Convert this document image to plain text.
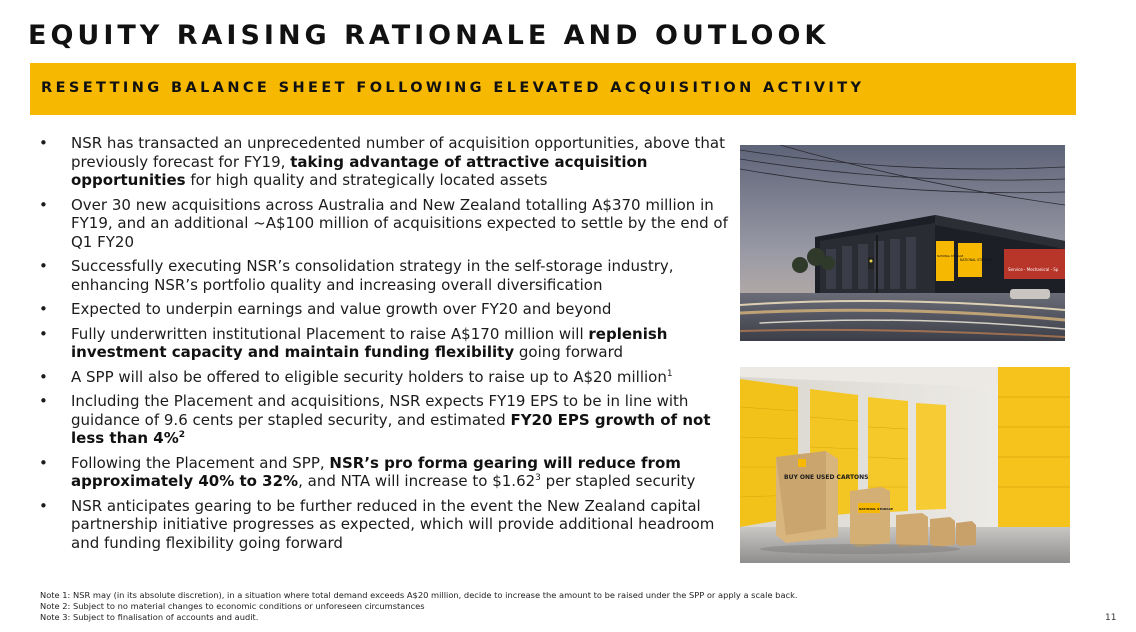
EQUITY RAISING RATIONALE AND OUTLOOK
RESETTING BALANCE SHEET FOLLOWING ELEVATED ACQUISITION ACTIVITY
• NSR has transacted an unprecedented number of acquisition opportunities, above that previously forecast for FY19, taking advantage of attractive acquisition opportunities for high quality and strategically located assets
• Over 30 new acquisitions across Australia and New Zealand totalling A$370 million in FY19, and an additional ~A$100 million of acquisitions expected to settle by the end of Q1 FY20
• Successfully executing NSR’s consolidation strategy in the self-storage industry, enhancing NSR’s portfolio quality and increasing overall diversification
• Expected to underpin earnings and value growth over FY20 and beyond
• Fully underwritten institutional Placement to raise A$170 million will replenish investment capacity and maintain funding flexibility going forward
• A SPP will also be offered to eligible security holders to raise up to A$20 million$^1$
• Including the Placement and acquisitions, NSR expects FY19 EPS to be in line with guidance of 9.6 cents per stapled security, and estimated FY20 EPS growth of not less than 4%$^2$
• Following the Placement and SPP, NSR’s pro forma gearing will reduce from approximately 40% to 32%, and NTA will increase to $1.62$^3$ per stapled security
• NSR anticipates gearing to be further reduced in the event the New Zealand capital partnership initiative progresses as expected, which will provide additional headroom and funding flexibility going forward
NATIONAL STORAGE
NATIONAL STORAGE
Service - Mechanical - Sp
BUY ONE USED CARTONS
NATIONAL STORAGE
Note 1: NSR may (in its absolute discretion), in a situation where total demand exceeds A$20 million, decide to increase the amount to be raised under the SPP or apply a scale back.
Note 2: Subject to no material changes to economic conditions or unforeseen circumstances
Note 3: Subject to finalisation of accounts and audit.	11
